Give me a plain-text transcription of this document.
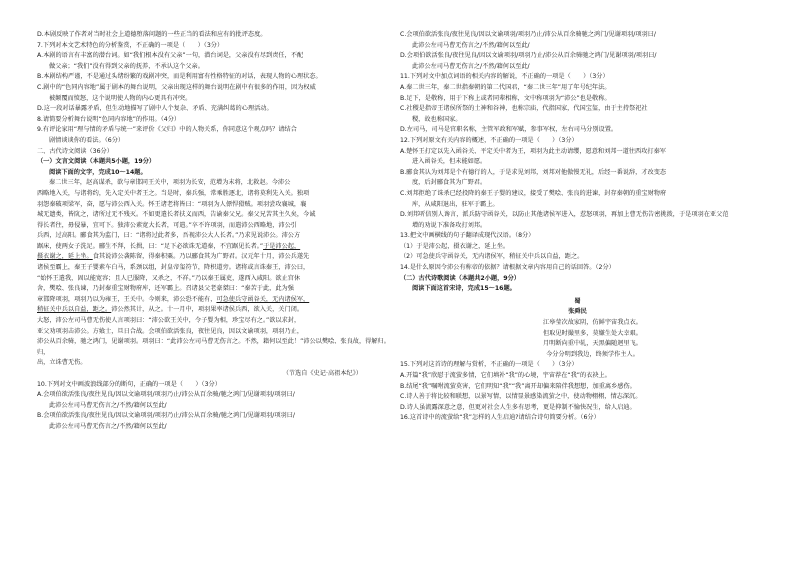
D.本剧反映了作者对当时社会上道德堕落问题的一些正当的看法和应有的批评态度。

7.下列对本文艺术特色的分析鉴赏，不正确的一项是（　　）（3分）

A.本剧的语言有丰富的潜台词。如“我们根本没有父亲”一句，潜台词是，父亲没有尽到责任，不配

做父亲；“我们”没有得到父亲的抚养，不承认这个父亲。

B.本剧结构严谨，不是通过头绪纷繁的戏剧冲突，而是利用富有性格特征的对话，表现人物的心理状态。

C.剧中的“色同内容地”属于剧本的舞台说明，父亲出现这样的舞台说明在剧中有很多的作用，因为权威

被颠覆而愤怒，这个说明使人物的内心更具有冲突。

D.这一段对话暴露矛盾，但生动地描写了剧中人个复杂、矛盾、充满纠葛的心理活动。

8.请简要分析舞台说明“色同内容地”的作用。（4分）

9.有评论家用“理与情的矛盾与统一”来评价《父归》中的人物关系，你同意这个观点吗？请结合

剧情谈谈你的看法。（6分）

二、古代诗文阅读（36分）

（一）文言文阅读（本题共5小题，19分）

阅读下面的文字，完成10～14题。

秦二世三年，赵高谋杀，欲与章邯同王关中，项羽为长安，范增为末将，北救赵。今沛公

西略地入关，与诸将约，先入定关中者王之。当是时，秦兵强，常乘胜逐北，诸将莫利先入关。独项

羽怨秦破项梁军，奋，愿与沛公西入关。怀王诸老将皆曰：“项羽为人僄悍猾贼。项羽尝攻襄城，襄

城无遗类，皆阬之，诸所过无不残灭。不如更遣长者扶义而西，告谕秦父兄。秦父兄苦其主久矣，今诚

得长者往，毋侵暴，宜可下。独沛公素宽大长者，可遣。”卒不许项羽，而遣沛公西略地，沛公引

兵西，过高阳。郦食其为监门，曰：“诸将过此者多，吾视沛公大人长者。”乃求见说沛公。沛公方

踞床，使两女子洗足。郦生不拜，长揖，曰：“足下必欲诛无道秦，不宜踞见长者。”于是沛公起，

摄衣谢之，延上坐。食其说沛公袭陈留，得秦积粟。乃以郦食其为广野君。汉元年十月，沛公兵遂先

诸侯至霸上，秦王子婴素车白马，系颈以组，封皇帝玺符节，降枳道旁。诸将或言诛秦王，沛公曰，

“始怀王遣我，固以能宽容；且人已服降，又杀之，不祥。”乃以秦王属吏，遂西入咸阳。欲止宫休

舍，樊哙、张良谏，乃封秦重宝财物府库，还军霸上。召诸县父老豪桀曰：“秦苦于此，此为强

章邯降项羽，项羽乃以为雍王，王关中。今则来，沛公恐不能有，可急使兵守函谷关，无内诸侯军，

稍征关中兵以自益，距之。沛公然其计，从之。十一月中，项羽果率诸侯兵西，欲入关，关门闭。

大怒，沛公左司马曹无伤使人言项羽曰：“沛公欲王关中，令子婴为相，珍宝尽有之。”欲以求封，

亚父劝项羽击沛公。方飨士，旦日合战。会项伯欲活张良，夜往见良，因以文谕项羽，项羽乃止，

沛公从百余骑，驰之鸿门，见谢项羽。项羽曰：“此沛公左司马曹无伤言之。不然，籍何以至此！”沛公以樊哙、张良故，得解归。归，

出，立诛曹无伤。

（节选自《史记·高祖本纪》）

10.下列对文中画波浪线部分的断句，正确的一项是（　　）（3分）

A.会项伯欲活张良/夜往见良/因以文谕项羽/项羽乃止/沛公从百余骑/驰之鸿门/见谢项羽/项羽曰/

此沛公左司马曹无伤言之/不然/籍何以至此/

B.会项伯欲活张良/夜往见良/因以文谕项羽/项羽乃止/沛公从百余骑/驰之鸿门/见谢项羽/项羽曰/

此沛公左司马曹无伤言之/不然/籍何以至此/

C.会项伯欲活张良/夜往见良/因以文谕项羽/项羽乃止/沛公从百余骑驰之鸿门/见谢项羽/项羽曰/

此沛公左司马曹无伤言之/不然/籍何以至此/

D.会项伯欲活张良/夜往见良/因以文谕项羽/项羽乃止/沛公从百余骑驰之鸿门/见谢项羽/项羽曰/

此沛公左司马曹无伤言之/不然/籍何以至此/

11.下列对文中加点词语的相关内容的解说，不正确的一项是（　　）（3分）

A.秦二世三年，秦二世指秦朝的第二代国君，“秦二世三年”用了年号纪年法。

B.足下，是敬称，用于下称上或者同辈相称，文中称项羽为“沛公”也是敬称。

C.社稷是指帝王诸侯所祭的土神和谷神，也称宗庙，代指国家，代国宝玺，由于主持祭祀社

稷，故也称国家。

D.左司马，司马是官职名称，主管军政和军赋，参事军权，左右司马分别设置。

12.下列对原文有关内容的概述，不正确的一项是（　　）（3分）

A.楚怀王打定以先入函谷关、平定关中者为王，项羽为此主动请缨，愿意和刘邦一道往西攻打秦军

进入函谷关，但未能如愿。

B.郦食其认为刘邦是个有德行的人，于是求见刘邦，刘邦对他傲慢无礼，后经一番说辞，才改变态

度，后封郦食其为广野君。

C.刘邦拒绝了诛杀已经投降的秦王子婴的建议，接受了樊哙、张良的进谏，封存秦朝的重宝财物府

库，从咸阳退出，驻军于霸上。

D.刘邦听信别人谗言，派兵防守函谷关，以防止其他诸侯军进入，惹怒项羽，再加上曹无伤告密挑拨，于是项羽在亚父范

增的劝说下准备攻打刘邦。

13.把文中画横线的句子翻译成现代汉语。（8分）

（1）于是沛公起，摄衣谢之，延上坐。

（2）可急使兵守函谷关，无内诸侯军，稍征关中兵以自益，距之。

14.是什么原因令沛公有称帝的依据？请根据文章内容用自己的话回答。（2分）

（二）古代诗歌阅读（本题共2小题，9分）

阅读下面这首宋诗，完成15～16题。

蜀

张舜民

江皋莹次故家阴，仿鲜宇宙我点衣。

但取见时撮里多，莫嫌生处大幸艰。

月明断向重中轧，天黑偏随迴里飞。

今分分明到我边，终须学作主人。

15.下列对这首诗的理解与赏析，不正确的一项是（　　）（3分）

A.开篇“我”欣慰于流萤多情，它们填补“我”的心境，宇宙荐在“我”的衣袂上。

B.结尾“我”嘱咐流萤莫害，它们明知“我”“我”离开却偏来陪伴我想想，加重离乡感伤。

C.诗人善于将比较和联想，以景写情，以情显景感染流萤之中，使动物栩栩，情志深沉。

D.诗人虽流露深意之意，但更对社会人生多有思考，更是抑制不愉快况生，给人启迪。

16.这首诗中的流萤给“我”怎样的人生启迪?请结合诗句简要分析。（6分）
